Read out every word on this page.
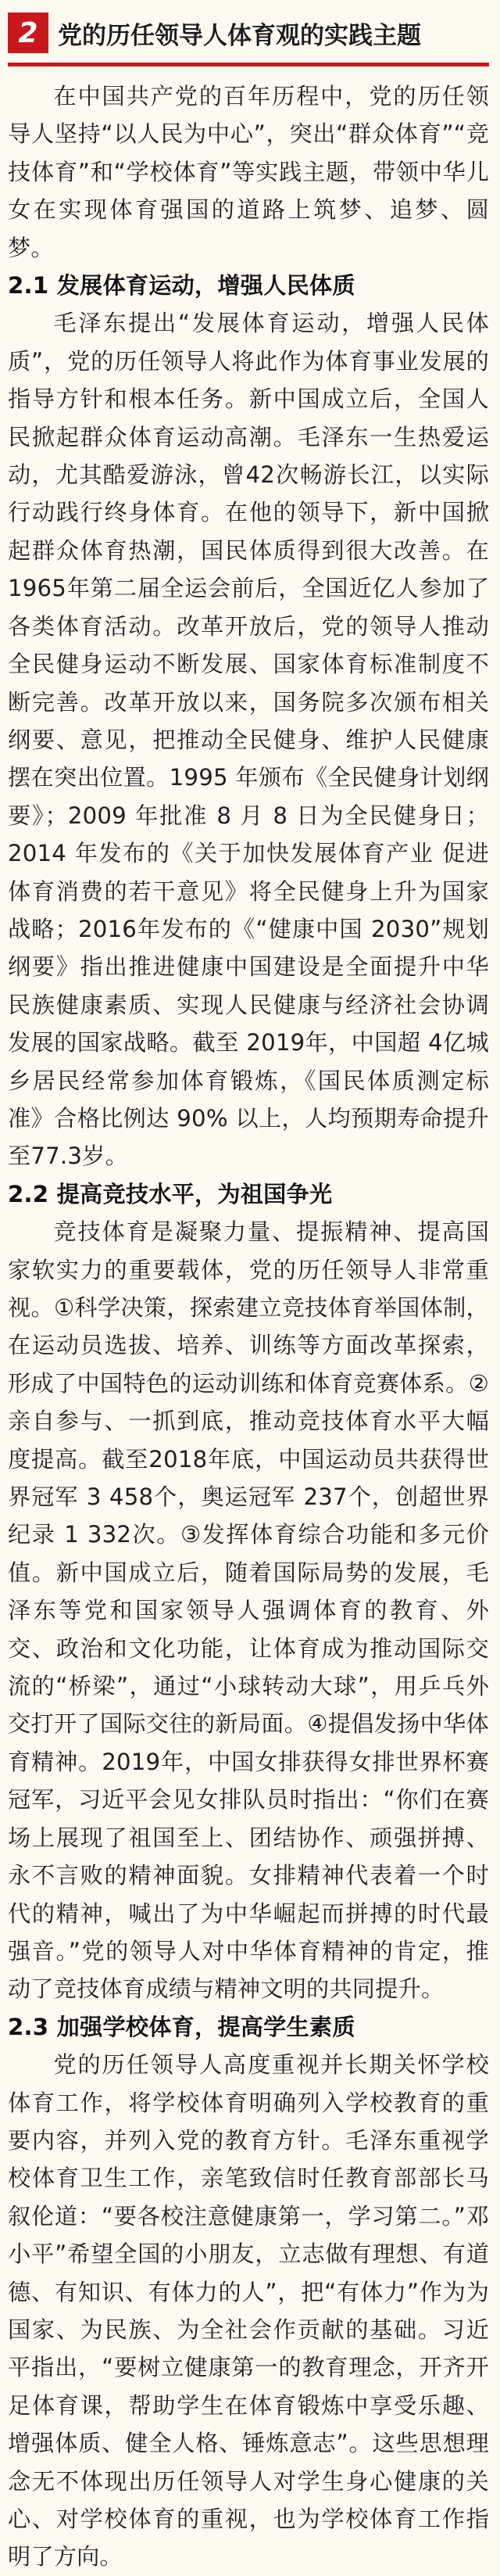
2 党的历任领导人体育观的实践主题

在中国共产党的百年历程中，党的历任领导人坚持“以人民为中心”，突出“群众体育”“竞技体育”和“学校体育”等实践主题，带领中华儿女在实现体育强国的道路上筑梦、追梦、圆梦。

2.1 发展体育运动，增强人民体质

毛泽东提出“发展体育运动，增强人民体质”，党的历任领导人将此作为体育事业发展的指导方针和根本任务。新中国成立后，全国人民掀起群众体育运动高潮。毛泽东一生热爱运动，尤其酷爱游泳，曾42次畅游长江，以实际行动践行终身体育。在他的领导下，新中国掀起群众体育热潮，国民体质得到很大改善。在1965年第二届全运会前后，全国近亿人参加了各类体育活动。改革开放后，党的领导人推动全民健身运动不断发展、国家体育标准制度不断完善。改革开放以来，国务院多次颁布相关纲要、意见，把推动全民健身、维护人民健康摆在突出位置。1995 年颁布《全民健身计划纲要》；2009 年批准 8 月 8 日为全民健身日；2014 年发布的《关于加快发展体育产业 促进体育消费的若干意见》将全民健身上升为国家战略；2016年发布的《“健康中国 2030”规划纲要》指出推进健康中国建设是全面提升中华民族健康素质、实现人民健康与经济社会协调发展的国家战略。截至 2019年，中国超 4亿城乡居民经常参加体育锻炼，《国民体质测定标准》合格比例达 90% 以上，人均预期寿命提升至77.3岁。

2.2 提高竞技水平，为祖国争光

竞技体育是凝聚力量、提振精神、提高国家软实力的重要载体，党的历任领导人非常重视。①科学决策，探索建立竞技体育举国体制，在运动员选拔、培养、训练等方面改革探索，形成了中国特色的运动训练和体育竞赛体系。②亲自参与、一抓到底，推动竞技体育水平大幅度提高。截至2018年底，中国运动员共获得世界冠军 3 458个，奥运冠军 237个，创超世界纪录 1 332次。③发挥体育综合功能和多元价值。新中国成立后，随着国际局势的发展，毛泽东等党和国家领导人强调体育的教育、外交、政治和文化功能，让体育成为推动国际交流的“桥梁”，通过“小球转动大球”，用乒乓外交打开了国际交往的新局面。④提倡发扬中华体育精神。2019年，中国女排获得女排世界杯赛冠军，习近平会见女排队员时指出：“你们在赛场上展现了祖国至上、团结协作、顽强拼搏、永不言败的精神面貌。女排精神代表着一个时代的精神，喊出了为中华崛起而拼搏的时代最强音。”党的领导人对中华体育精神的肯定，推动了竞技体育成绩与精神文明的共同提升。

2.3 加强学校体育，提高学生素质

党的历任领导人高度重视并长期关怀学校体育工作，将学校体育明确列入学校教育的重要内容，并列入党的教育方针。毛泽东重视学校体育卫生工作，亲笔致信时任教育部部长马叙伦道：“要各校注意健康第一，学习第二。”邓小平”希望全国的小朋友，立志做有理想、有道德、有知识、有体力的人”，把“有体力”作为为国家、为民族、为全社会作贡献的基础。习近平指出，“要树立健康第一的教育理念，开齐开足体育课，帮助学生在体育锻炼中享受乐趣、增强体质、健全人格、锤炼意志”。这些思想理念无不体现出历任领导人对学生身心健康的关心、对学校体育的重视，也为学校体育工作指明了方向。
